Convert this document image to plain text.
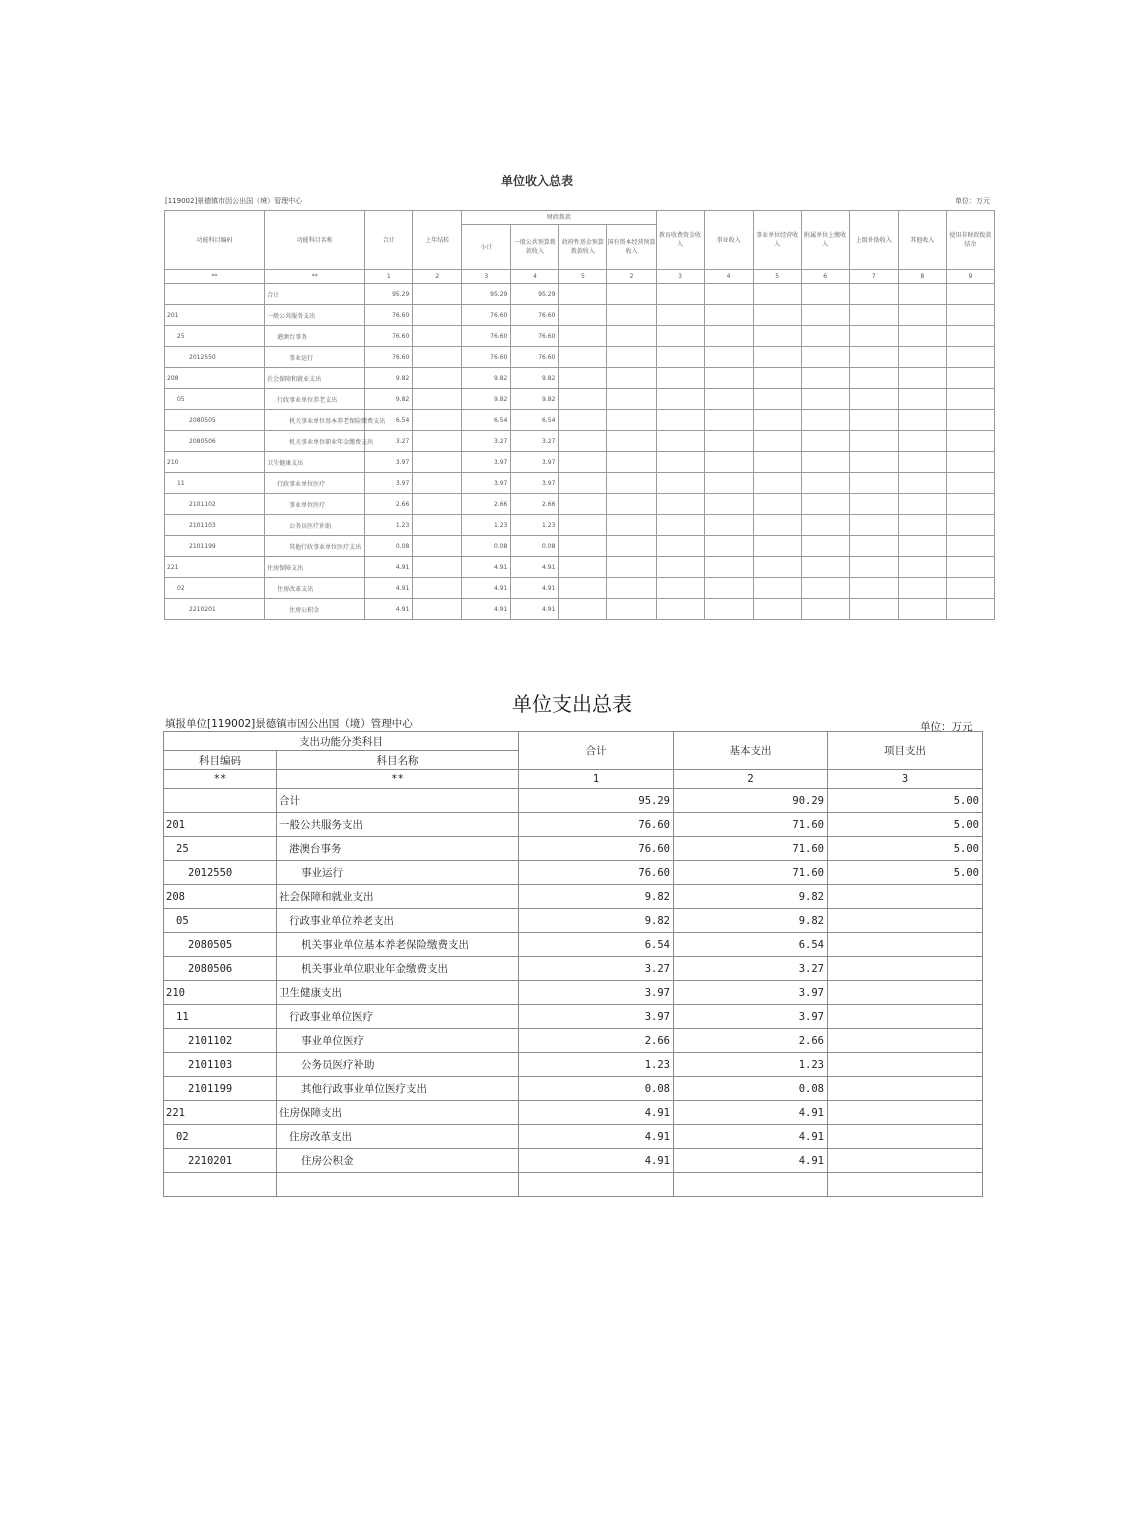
单位收入总表
[119002]景德镇市因公出国（境）管理中心	单位：万元
功能科目编码	功能科目名称	合计	上年结转	财政拨款				教育收费资金收入	事业收入	事业单位经营收入	附属单位上缴收入	上级补助收入	其他收入	使用非财政拨款结余
				小计	一般公共预算拨款收入	政府性基金预算拨款收入	国有资本经营预算收入							
**	**	1	2	3	4	5	2	3	4	5	6	7	8	9
	合计	95.29		95.29	95.29									
201	一般公共服务支出	76.60		76.60	76.60									
25	港澳台事务	76.60		76.60	76.60									
2012550	事业运行	76.60		76.60	76.60									
208	社会保障和就业支出	9.82		9.82	9.82									
05	行政事业单位养老支出	9.82		9.82	9.82									
2080505	机关事业单位基本养老保险缴费支出	6.54		6.54	6.54									
2080506	机关事业单位职业年金缴费支出	3.27		3.27	3.27									
210	卫生健康支出	3.97		3.97	3.97									
11	行政事业单位医疗	3.97		3.97	3.97									
2101102	事业单位医疗	2.66		2.66	2.66									
2101103	公务员医疗补助	1.23		1.23	1.23									
2101199	其他行政事业单位医疗支出	0.08		0.08	0.08									
221	住房保障支出	4.91		4.91	4.91									
02	住房改革支出	4.91		4.91	4.91									
2210201	住房公积金	4.91		4.91	4.91									
单位支出总表
填报单位[119002]景德镇市因公出国（境）管理中心	单位：万元
支出功能分类科目		合计	基本支出	项目支出
科目编码	科目名称			
**	**	1	2	3
	合计	95.29	90.29	5.00
201	一般公共服务支出	76.60	71.60	5.00
25	港澳台事务	76.60	71.60	5.00
2012550	事业运行	76.60	71.60	5.00
208	社会保障和就业支出	9.82	9.82	
05	行政事业单位养老支出	9.82	9.82	
2080505	机关事业单位基本养老保险缴费支出	6.54	6.54	
2080506	机关事业单位职业年金缴费支出	3.27	3.27	
210	卫生健康支出	3.97	3.97	
11	行政事业单位医疗	3.97	3.97	
2101102	事业单位医疗	2.66	2.66	
2101103	公务员医疗补助	1.23	1.23	
2101199	其他行政事业单位医疗支出	0.08	0.08	
221	住房保障支出	4.91	4.91	
02	住房改革支出	4.91	4.91	
2210201	住房公积金	4.91	4.91	
